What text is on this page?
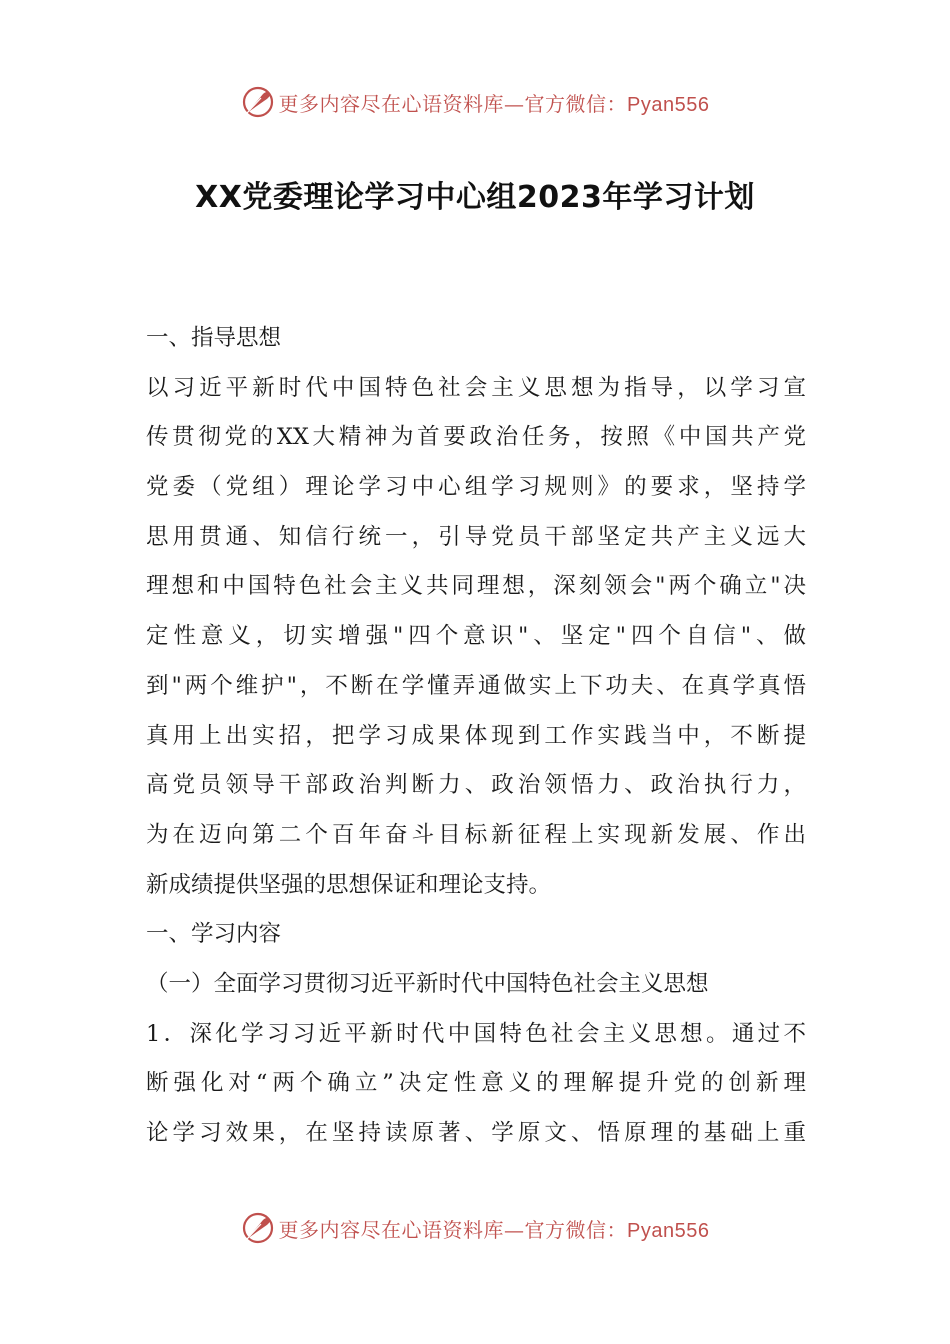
更多内容尽在心语资料库—官方微信：Pyan556
XX党委理论学习中心组2023年学习计划
一、指导思想
以习近平新时代中国特色社会主义思想为指导，以学习宣
传贯彻党的XX大精神为首要政治任务，按照《中国共产党
党委（党组）理论学习中心组学习规则》的要求，坚持学
思用贯通、知信行统一，引导党员干部坚定共产主义远大
理想和中国特色社会主义共同理想，深刻领会"两个确立"决
定性意义，切实增强"四个意识"、坚定"四个自信"、做
到"两个维护"，不断在学懂弄通做实上下功夫、在真学真悟
真用上出实招，把学习成果体现到工作实践当中，不断提
高党员领导干部政治判断力、政治领悟力、政治执行力，
为在迈向第二个百年奋斗目标新征程上实现新发展、作出
新成绩提供坚强的思想保证和理论支持。
一、学习内容
（一）全面学习贯彻习近平新时代中国特色社会主义思想
1．深化学习习近平新时代中国特色社会主义思想。通过不
断强化对“两个确立”决定性意义的理解提升党的创新理
论学习效果，在坚持读原著、学原文、悟原理的基础上重
更多内容尽在心语资料库—官方微信：Pyan556
